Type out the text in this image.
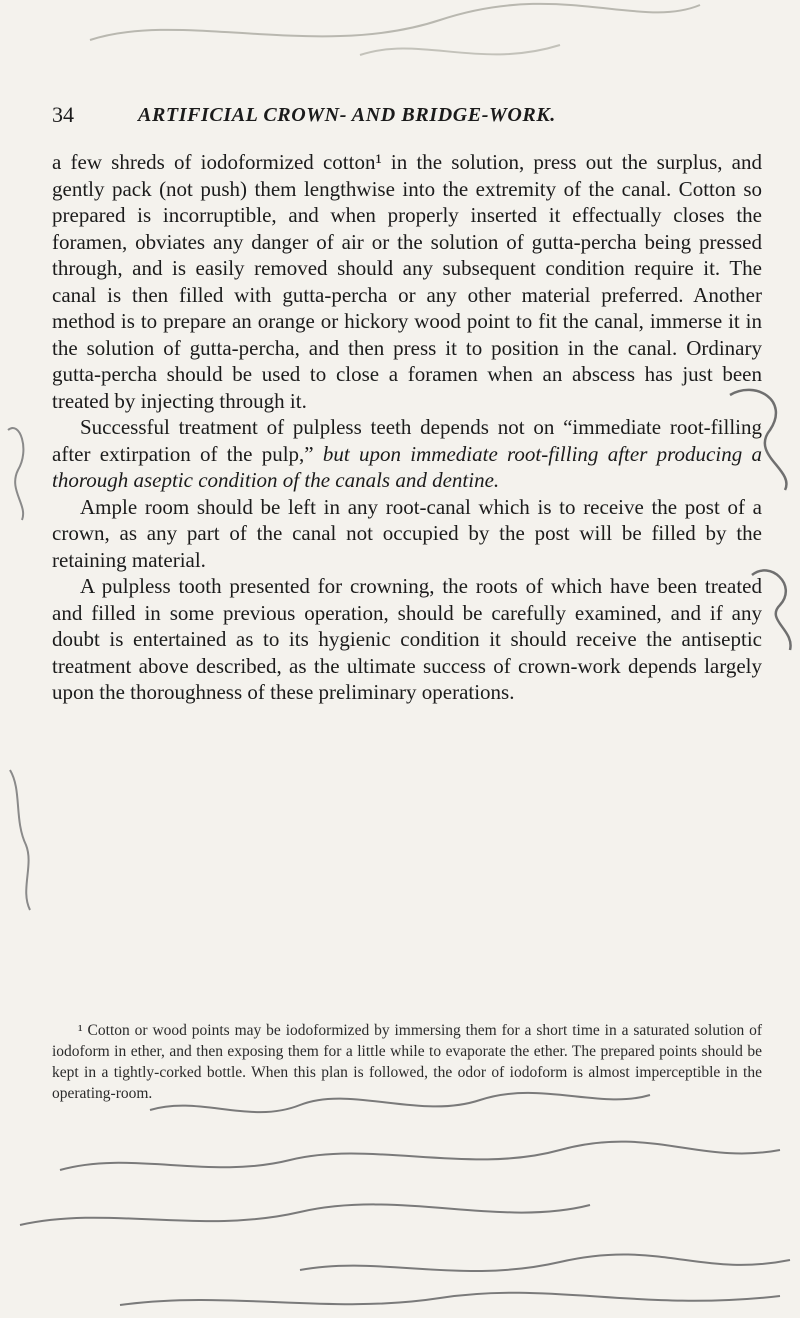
34	ARTIFICIAL CROWN- AND BRIDGE-WORK.

a few shreds of iodoformized cotton¹ in the solution, press out the surplus, and gently pack (not push) them lengthwise into the extremity of the canal. Cotton so prepared is incorruptible, and when properly inserted it effectually closes the foramen, obviates any danger of air or the solution of gutta-percha being pressed through, and is easily removed should any subsequent condition require it. The canal is then filled with gutta-percha or any other material preferred. Another method is to prepare an orange or hickory wood point to fit the canal, immerse it in the solution of gutta-percha, and then press it to position in the canal. Ordinary gutta-percha should be used to close a foramen when an abscess has just been treated by injecting through it.

Successful treatment of pulpless teeth depends not on “immediate root-filling after extirpation of the pulp,” but upon immediate root-filling after producing a thorough aseptic condition of the canals and dentine.

Ample room should be left in any root-canal which is to receive the post of a crown, as any part of the canal not occupied by the post will be filled by the retaining material.

A pulpless tooth presented for crowning, the roots of which have been treated and filled in some previous operation, should be carefully examined, and if any doubt is entertained as to its hygienic condition it should receive the antiseptic treatment above described, as the ultimate success of crown-work depends largely upon the thoroughness of these preliminary operations.

¹ Cotton or wood points may be iodoformized by immersing them for a short time in a saturated solution of iodoform in ether, and then exposing them for a little while to evaporate the ether. The prepared points should be kept in a tightly-corked bottle. When this plan is followed, the odor of iodoform is almost imperceptible in the operating-room.
